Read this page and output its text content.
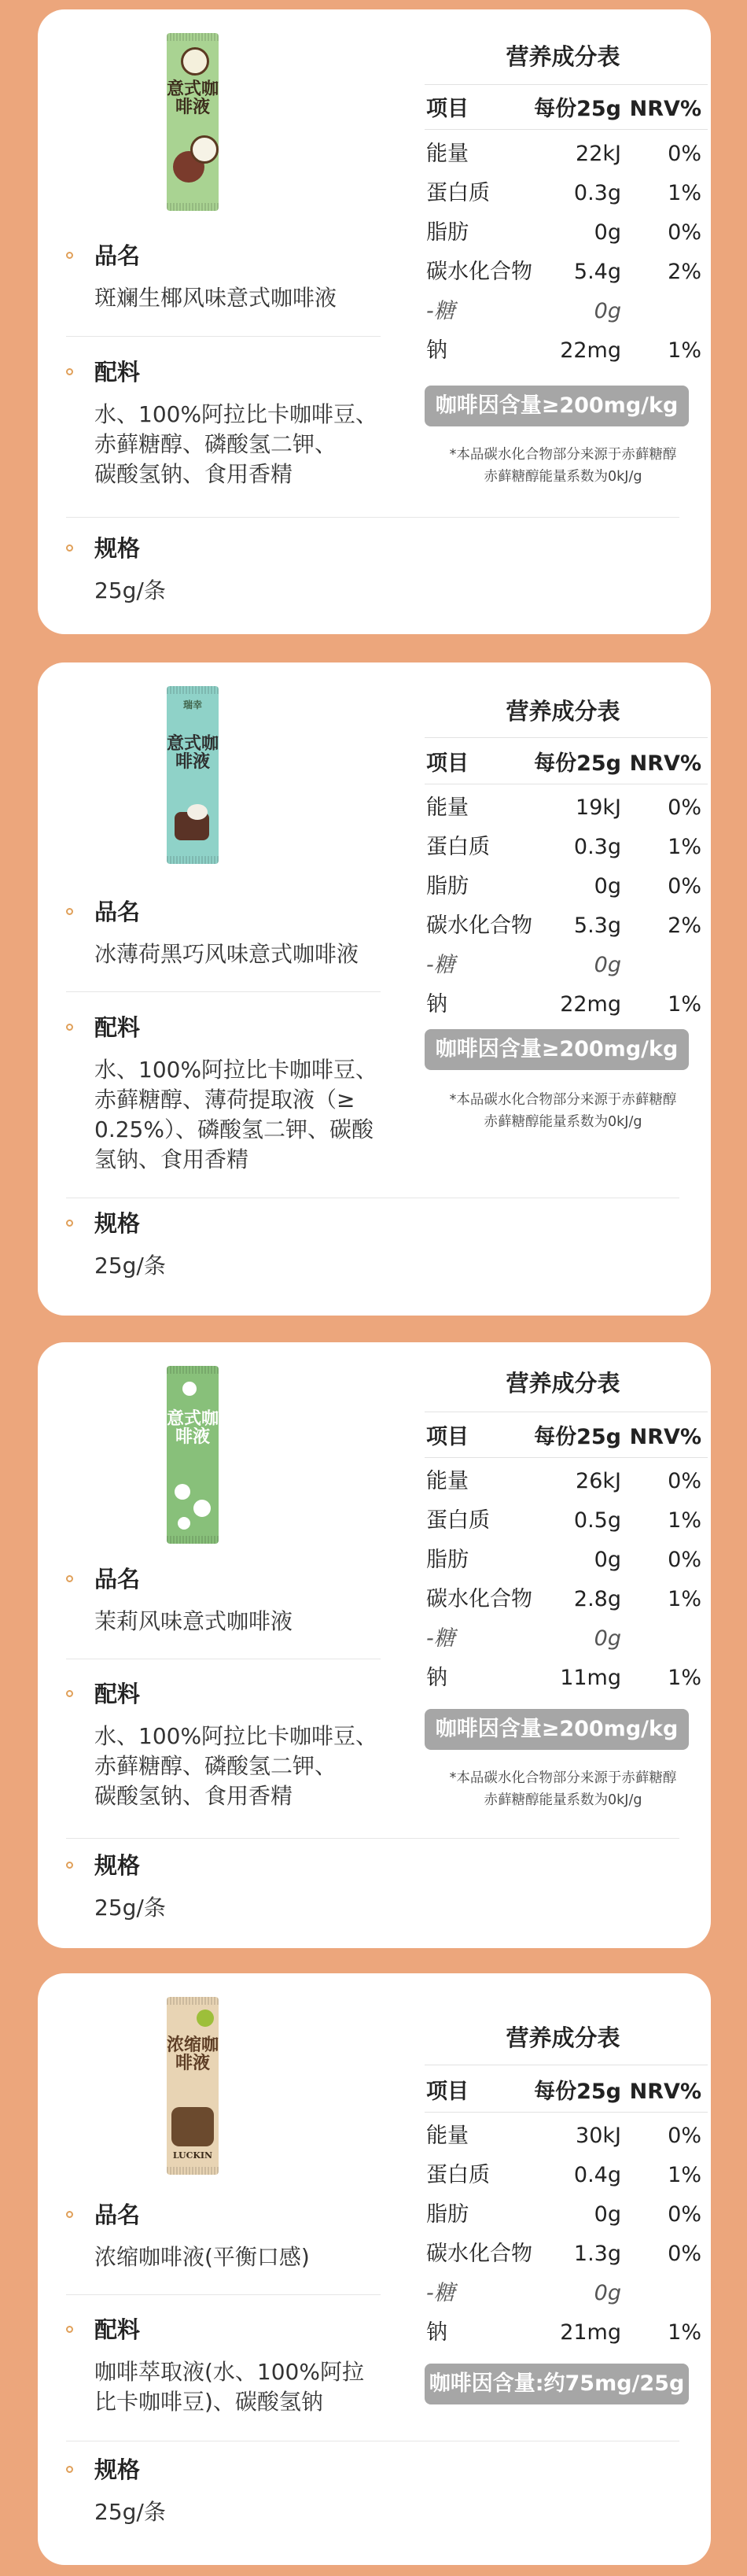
意式咖啡液
品名
斑斓生椰风味意式咖啡液
配料
水、100%阿拉比卡咖啡豆、
赤藓糖醇、磷酸氢二钾、
碳酸氢钠、食用香精
规格
25g/条
营养成分表
项目	每份25g NRV%
能量	22kJ 0%
蛋白质	0.3g 1%
脂肪	0g 0%
碳水化合物 5.4g 2%
-糖	0g
钠	22mg 1%
咖啡因含量≥200mg/kg
*本品碳水化合物部分来源于赤藓糖醇
赤藓糖醇能量系数为0kJ/g
瑞幸
意式咖啡液
品名
冰薄荷黑巧风味意式咖啡液
配料
水、100%阿拉比卡咖啡豆、
赤藓糖醇、薄荷提取液（≥
0.25%）、磷酸氢二钾、碳酸
氢钠、食用香精
规格
25g/条
营养成分表
项目	每份25g NRV%
能量	19kJ 0%
蛋白质	0.3g 1%
脂肪	0g 0%
碳水化合物 5.3g 2%
-糖	0g
钠	22mg 1%
咖啡因含量≥200mg/kg
*本品碳水化合物部分来源于赤藓糖醇
赤藓糖醇能量系数为0kJ/g
意式咖啡液
品名
茉莉风味意式咖啡液
配料
水、100%阿拉比卡咖啡豆、
赤藓糖醇、磷酸氢二钾、
碳酸氢钠、食用香精
规格
25g/条
营养成分表
项目	每份25g NRV%
能量	26kJ 0%
蛋白质	0.5g 1%
脂肪	0g 0%
碳水化合物 2.8g 1%
-糖	0g
钠	11mg 1%
咖啡因含量≥200mg/kg
*本品碳水化合物部分来源于赤藓糖醇
赤藓糖醇能量系数为0kJ/g
浓缩咖啡液
LUCKIN
品名
浓缩咖啡液(平衡口感)
配料
咖啡萃取液(水、100%阿拉
比卡咖啡豆)、碳酸氢钠
规格
25g/条
营养成分表
项目	每份25g NRV%
能量	30kJ 0%
蛋白质	0.4g 1%
脂肪	0g 0%
碳水化合物 1.3g 0%
-糖	0g
钠	21mg 1%
咖啡因含量:约75mg/25g
